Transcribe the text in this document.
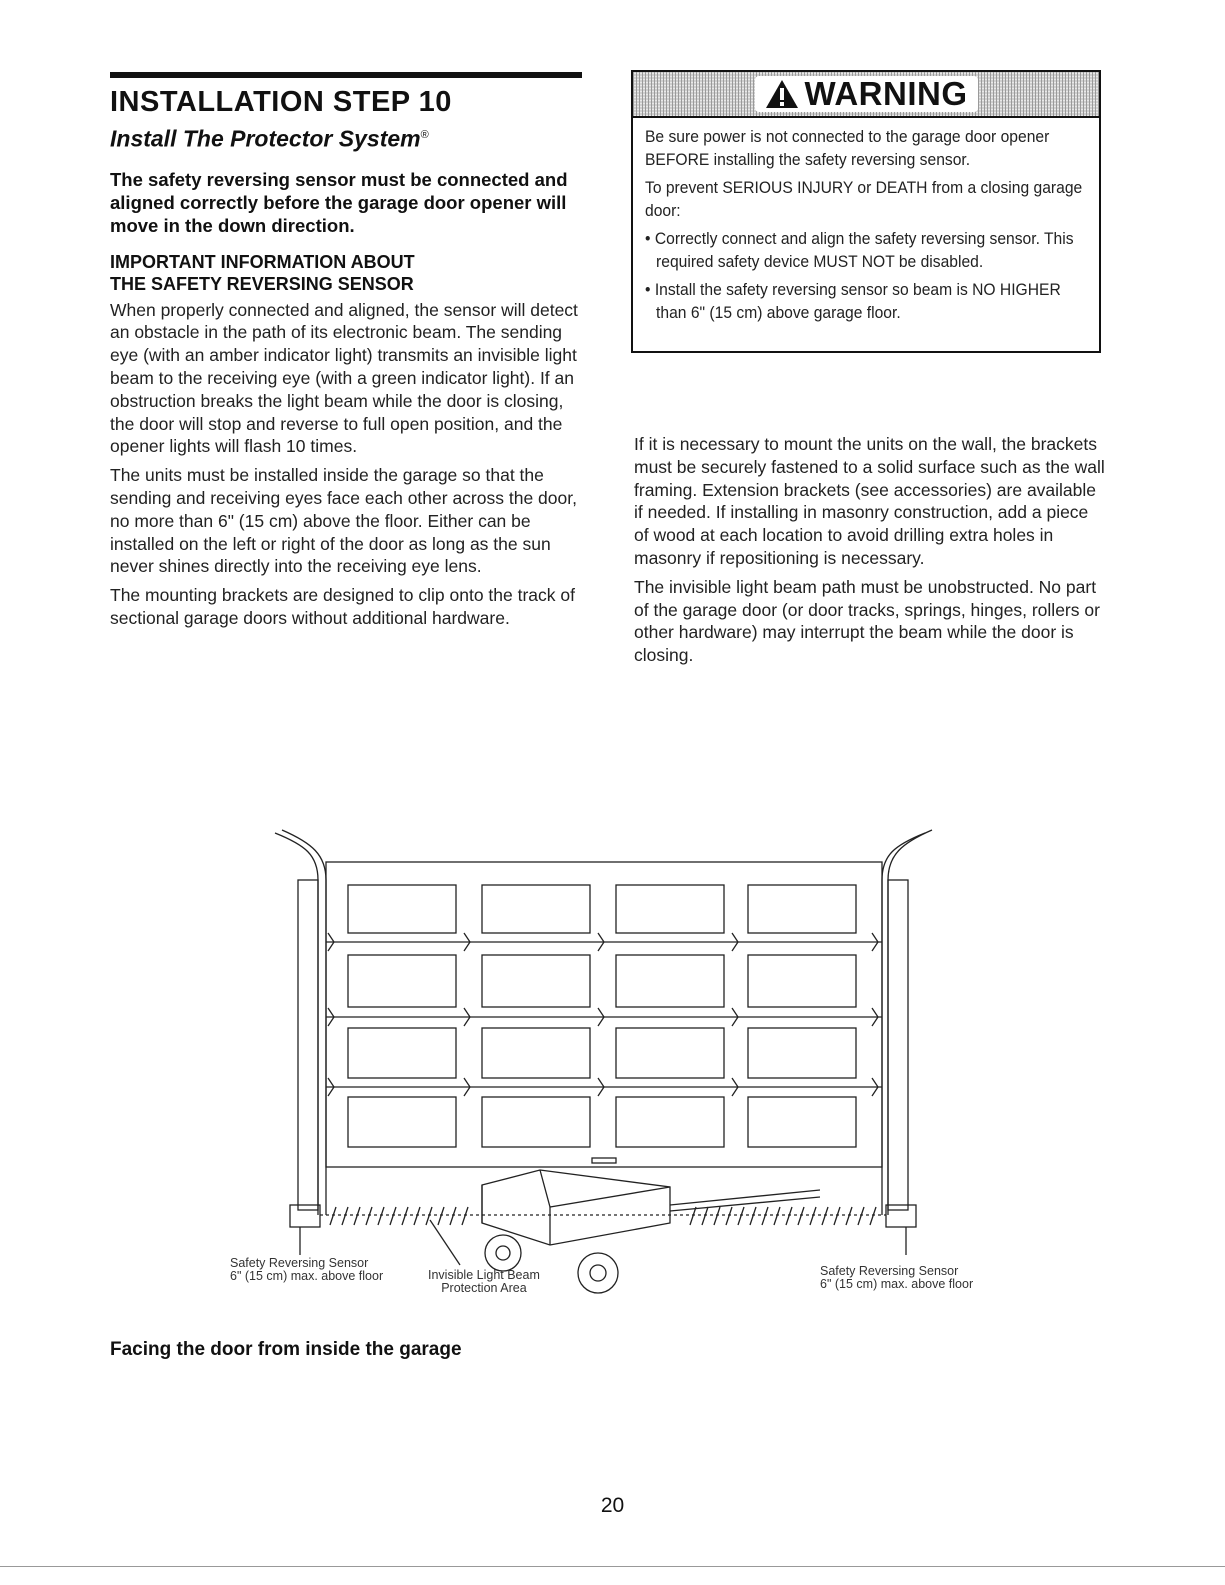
INSTALLATION STEP 10
Install The Protector System®

The safety reversing sensor must be connected and aligned correctly before the garage door opener will move in the down direction.

IMPORTANT INFORMATION ABOUT
THE SAFETY REVERSING SENSOR

When properly connected and aligned, the sensor will detect an obstacle in the path of its electronic beam. The sending eye (with an amber indicator light) transmits an invisible light beam to the receiving eye (with a green indicator light). If an obstruction breaks the light beam while the door is closing, the door will stop and reverse to full open position, and the opener lights will flash 10 times.

The units must be installed inside the garage so that the sending and receiving eyes face each other across the door, no more than 6" (15 cm) above the floor. Either can be installed on the left or right of the door as long as the sun never shines directly into the receiving eye lens.

The mounting brackets are designed to clip onto the track of sectional garage doors without additional hardware.

WARNING

Be sure power is not connected to the garage door opener BEFORE installing the safety reversing sensor.

To prevent SERIOUS INJURY or DEATH from a closing garage door:

• Correctly connect and align the safety reversing sensor. This required safety device MUST NOT be disabled.

• Install the safety reversing sensor so beam is NO HIGHER than 6" (15 cm) above garage floor.

If it is necessary to mount the units on the wall, the brackets must be securely fastened to a solid surface such as the wall framing. Extension brackets (see accessories) are available if needed. If installing in masonry construction, add a piece of wood at each location to avoid drilling extra holes in masonry if repositioning is necessary.

The invisible light beam path must be unobstructed. No part of the garage door (or door tracks, springs, hinges, rollers or other hardware) may interrupt the beam while the door is closing.

Safety Reversing Sensor
6" (15 cm) max. above floor	Invisible Light Beam
Protection Area
Safety Reversing Sensor
6" (15 cm) max. above floor
Facing the door from inside the garage
20
